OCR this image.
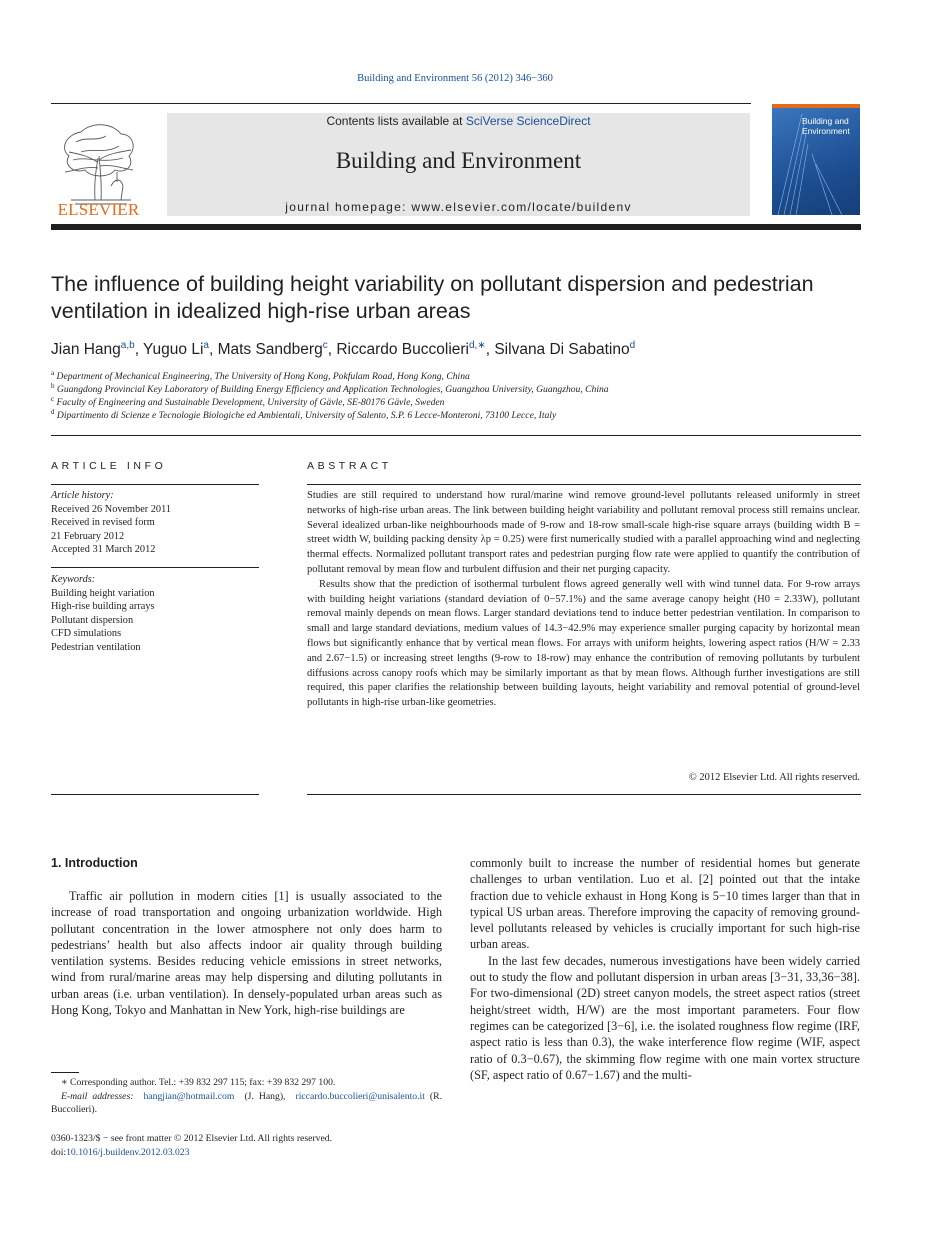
Building and Environment 56 (2012) 346−360
ELSEVIER
Contents lists available at SciVerse ScienceDirect
Building and Environment
journal homepage: www.elsevier.com/locate/buildenv
Building and Environment
The influence of building height variability on pollutant dispersion and pedestrian ventilation in idealized high-rise urban areas
Jian Hang$^{a,b}$, Yuguo Li$^a$, Mats Sandberg$^c$, Riccardo Buccolieri$^{d,∗}$, Silvana Di Sabatino$^d$
$^a$ Department of Mechanical Engineering, The University of Hong Kong, Pokfulam Road, Hong Kong, China
$^b$ Guangdong Provincial Key Laboratory of Building Energy Efficiency and Application Technologies, Guangzhou University, Guangzhou, China
$^c$ Faculty of Engineering and Sustainable Development, University of Gävle, SE-80176 Gävle, Sweden
$^d$ Dipartimento di Scienze e Tecnologie Biologiche ed Ambientali, University of Salento, S.P. 6 Lecce-Monteroni, 73100 Lecce, Italy
ARTICLE INFO	ABSTRACT
Article history:
Received 26 November 2011
Received in revised form
21 February 2012
Accepted 31 March 2012
Keywords:
Building height variation
High-rise building arrays
Pollutant dispersion
CFD simulations
Pedestrian ventilation

Studies are still required to understand how rural/marine wind remove ground-level pollutants released uniformly in street networks of high-rise urban areas. The link between building height variability and pollutant removal process still remains unclear. Several idealized urban-like neighbourhoods made of 9-row and 18-row small-scale high-rise square arrays (building width B = street width W, building packing density λp = 0.25) were first numerically studied with a parallel approaching wind and neglecting thermal effects. Normalized pollutant transport rates and pedestrian purging flow rate were applied to quantify the contribution of pollutant removal by mean flow and turbulent diffusion and their net purging capacity.

Results show that the prediction of isothermal turbulent flows agreed generally well with wind tunnel data. For 9-row arrays with building height variations (standard deviation of 0−57.1%) and the same average canopy height (H0 = 2.33W), pollutant removal mainly depends on mean flows. Larger standard deviations tend to induce better pedestrian ventilation. In comparison to small and large standard deviations, medium values of 14.3−42.9% may experience smaller purging capacity by horizontal mean flows but significantly enhance that by vertical mean flows. For arrays with uniform heights, lowering aspect ratios (H/W = 2.33 and 2.67−1.5) or increasing street lengths (9-row to 18-row) may enhance the contribution of removing pollutants by turbulent diffusions across canopy roofs which may be similarly important as that by mean flows. Although further investigations are still required, this paper clarifies the relationship between building layouts, height variability and removal potential of ground-level pollutants in high-rise urban-like geometries.

© 2012 Elsevier Ltd. All rights reserved.
1. Introduction

Traffic air pollution in modern cities [1] is usually associated to the increase of road transportation and ongoing urbanization worldwide. High pollutant concentration in the lower atmosphere not only does harm to pedestrians’ health but also affects indoor air quality through building ventilation systems. Besides reducing vehicle emissions in street networks, wind from rural/marine areas may help dispersing and diluting pollutants in urban areas (i.e. urban ventilation). In densely-populated urban areas such as Hong Kong, Tokyo and Manhattan in New York, high-rise buildings are

commonly built to increase the number of residential homes but generate challenges to urban ventilation. Luo et al. [2] pointed out that the intake fraction due to vehicle exhaust in Hong Kong is 5−10 times larger than that in typical US urban areas. Therefore improving the capacity of removing ground-level pollutants released by vehicles is crucially important for such high-rise urban areas.

In the last few decades, numerous investigations have been widely carried out to study the flow and pollutant dispersion in urban areas [3−31, 33,36−38]. For two-dimensional (2D) street canyon models, the street aspect ratios (street height/street width, H/W) are the most important parameters. Four flow regimes can be categorized [3−6], i.e. the isolated roughness flow regime (IRF, aspect ratio is less than 0.3), the wake interference flow regime (WIF, aspect ratio of 0.3−0.67), the skimming flow regime with one main vortex structure (SF, aspect ratio of 0.67−1.67) and the multi-

∗ Corresponding author. Tel.: +39 832 297 115; fax: +39 832 297 100.
E-mail addresses: hangjian@hotmail.com (J. Hang), riccardo.buccolieri@unisalento.it (R. Buccolieri).
0360-1323/$ − see front matter © 2012 Elsevier Ltd. All rights reserved.
doi:10.1016/j.buildenv.2012.03.023
